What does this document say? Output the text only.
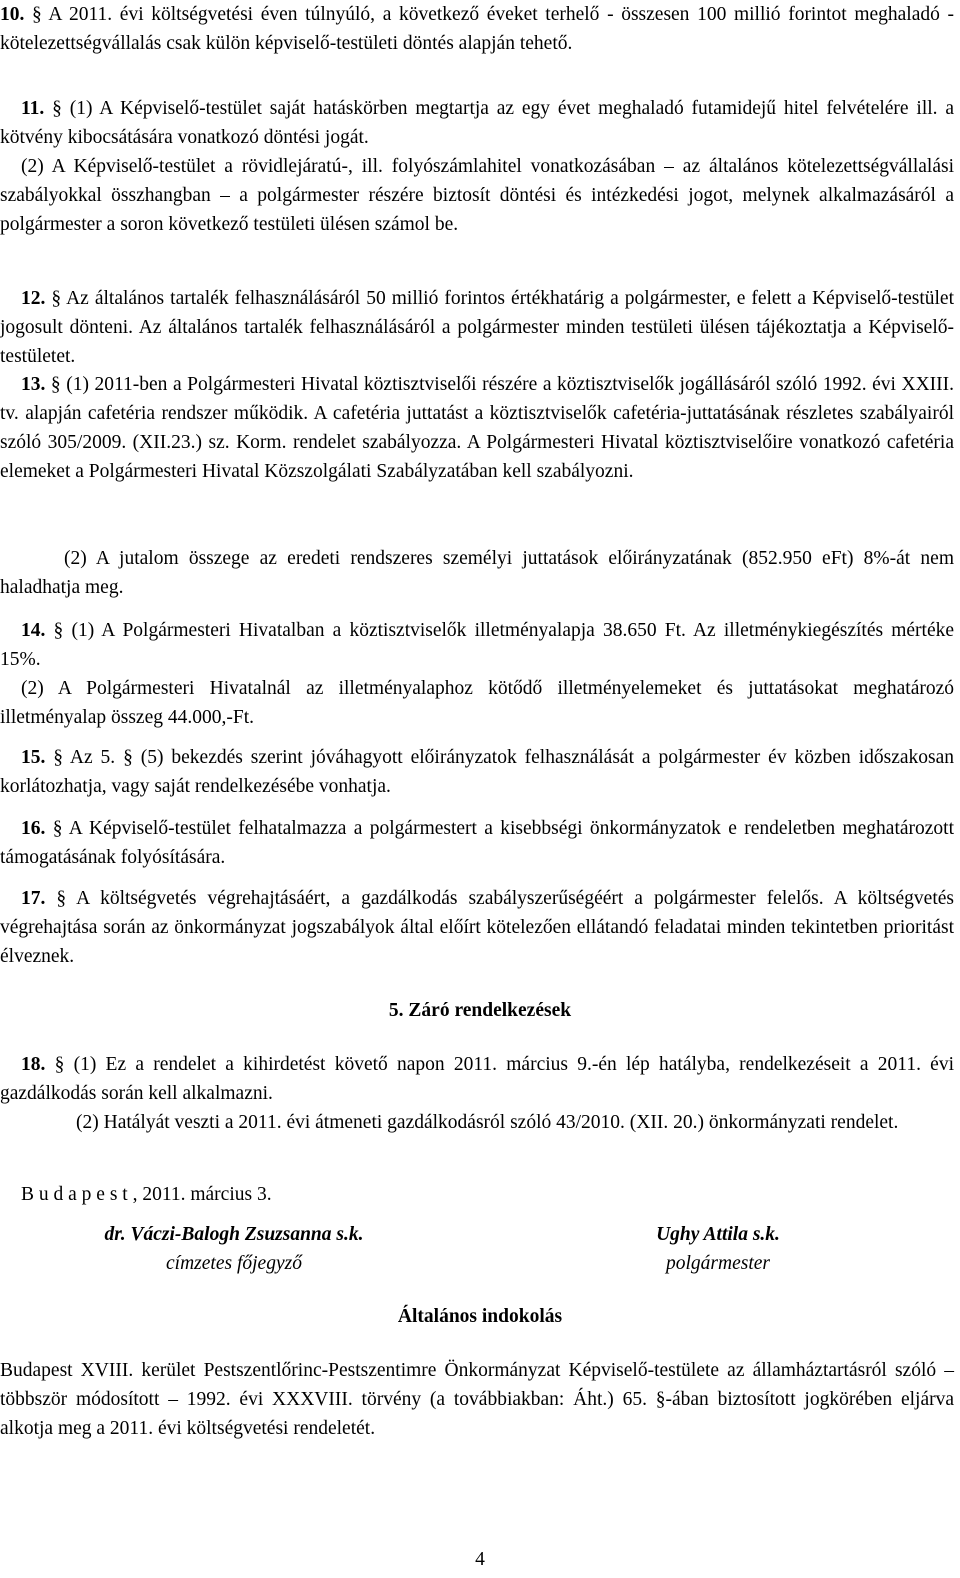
10. § A 2011. évi költségvetési éven túlnyúló, a következő éveket terhelő - összesen 100 millió forintot meghaladó - kötelezettségvállalás csak külön képviselő-testületi döntés alapján tehető.

11. § (1) A Képviselő-testület saját hatáskörben megtartja az egy évet meghaladó futamidejű hitel felvételére ill. a kötvény kibocsátására vonatkozó döntési jogát.

(2) A Képviselő-testület a rövidlejáratú-, ill. folyószámlahitel vonatkozásában – az általános kötelezettségvállalási szabályokkal összhangban – a polgármester részére biztosít döntési és intézkedési jogot, melynek alkalmazásáról a polgármester a soron következő testületi ülésen számol be.

12. § Az általános tartalék felhasználásáról 50 millió forintos értékhatárig a polgármester, e felett a Képviselő-testület jogosult dönteni. Az általános tartalék felhasználásáról a polgármester minden testületi ülésen tájékoztatja a Képviselő-testületet.

13. § (1) 2011-ben a Polgármesteri Hivatal köztisztviselői részére a köztisztviselők jogállásáról szóló 1992. évi XXIII. tv. alapján cafetéria rendszer működik. A cafetéria juttatást a köztisztviselők cafetéria-juttatásának részletes szabályairól szóló 305/2009. (XII.23.) sz. Korm. rendelet szabályozza. A Polgármesteri Hivatal köztisztviselőire vonatkozó cafetéria elemeket a Polgármesteri Hivatal Közszolgálati Szabályzatában kell szabályozni.

(2) A jutalom összege az eredeti rendszeres személyi juttatások előirányzatának (852.950 eFt) 8%-át nem haladhatja meg.

14. § (1) A Polgármesteri Hivatalban a köztisztviselők illetményalapja 38.650 Ft. Az illetménykiegészítés mértéke 15%.

(2) A Polgármesteri Hivatalnál az illetményalaphoz kötődő illetményelemeket és juttatásokat meghatározó illetményalap összeg 44.000,-Ft.

15. § Az 5. § (5) bekezdés szerint jóváhagyott előirányzatok felhasználását a polgármester év közben időszakosan korlátozhatja, vagy saját rendelkezésébe vonhatja.

16. § A Képviselő-testület felhatalmazza a polgármestert a kisebbségi önkormányzatok e rendeletben meghatározott támogatásának folyósítására.

17. § A költségvetés végrehajtásáért, a gazdálkodás szabályszerűségéért a polgármester felelős. A költségvetés végrehajtása során az önkormányzat jogszabályok által előírt kötelezően ellátandó feladatai minden tekintetben prioritást élveznek.

5. Záró rendelkezések

18. § (1) Ez a rendelet a kihirdetést követő napon 2011. március 9.-én lép hatályba, rendelkezéseit a 2011. évi gazdálkodás során kell alkalmazni.

(2) Hatályát veszti a 2011. évi átmeneti gazdálkodásról szóló 43/2010. (XII. 20.) önkormányzati rendelet.

B u d a p e s t , 2011. március 3.

dr. Váczi-Balogh Zsuzsanna s.k.
címzetes főjegyző
Ughy Attila s.k.
polgármester

Általános indokolás

Budapest XVIII. kerület Pestszentlőrinc-Pestszentimre Önkormányzat Képviselő-testülete az államháztartásról szóló – többször módosított – 1992. évi XXXVIII. törvény (a továbbiakban: Áht.) 65. §-ában biztosított jogkörében eljárva alkotja meg a 2011. évi költségvetési rendeletét.

4
